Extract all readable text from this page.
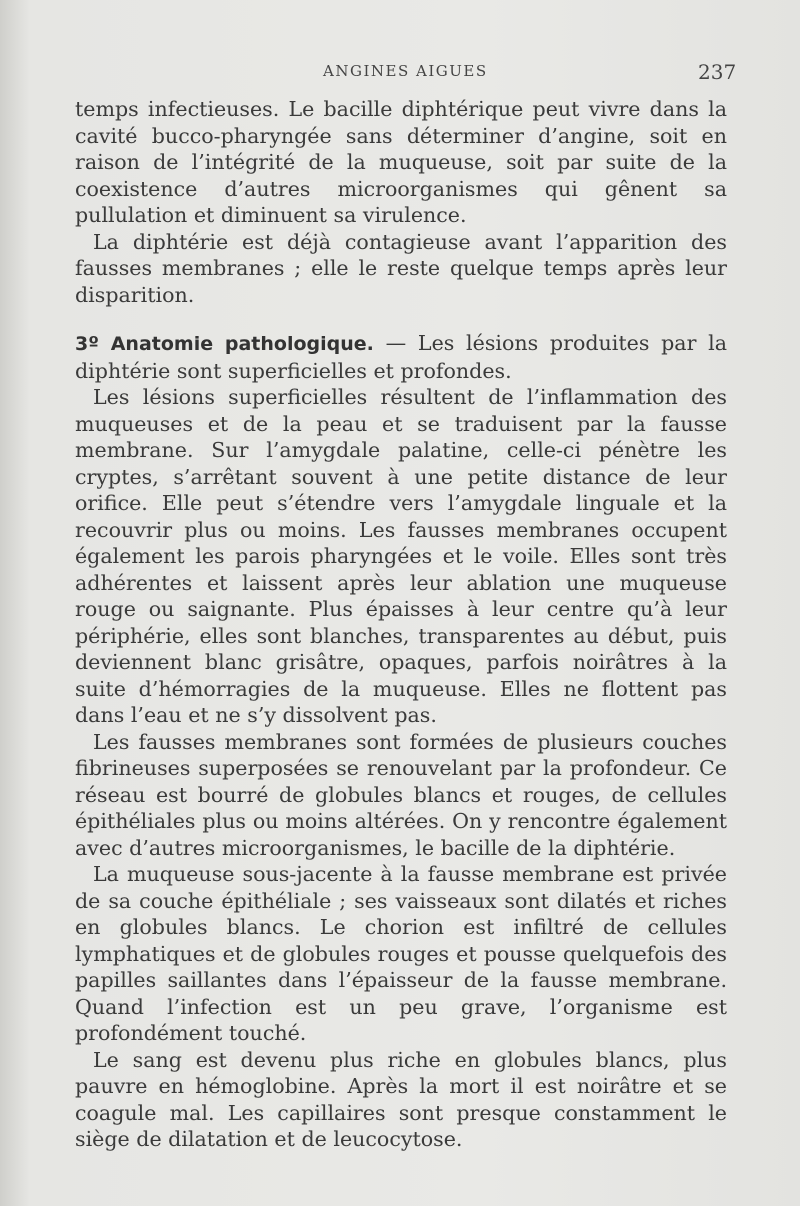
ANGINES AIGUES	237

temps infectieuses. Le bacille diphtérique peut vivre dans la cavité bucco-pharyngée sans déterminer d’angine, soit en raison de l’intégrité de la muqueuse, soit par suite de la coexistence d’autres microorganismes qui gênent sa pullulation et diminuent sa virulence.

La diphtérie est déjà contagieuse avant l’apparition des fausses membranes ; elle le reste quelque temps après leur disparition.

3º Anatomie pathologique. — Les lésions produites par la diphtérie sont superficielles et profondes.

Les lésions superficielles résultent de l’inflammation des muqueuses et de la peau et se traduisent par la fausse membrane. Sur l’amygdale palatine, celle-ci pénètre les cryptes, s’arrêtant souvent à une petite distance de leur orifice. Elle peut s’étendre vers l’amygdale linguale et la recouvrir plus ou moins. Les fausses membranes occupent également les parois pharyngées et le voile. Elles sont très adhérentes et laissent après leur ablation une muqueuse rouge ou saignante. Plus épaisses à leur centre qu’à leur périphérie, elles sont blanches, transparentes au début, puis deviennent blanc grisâtre, opaques, parfois noirâtres à la suite d’hémorragies de la muqueuse. Elles ne flottent pas dans l’eau et ne s’y dissolvent pas.

Les fausses membranes sont formées de plusieurs couches fibrineuses superposées se renouvelant par la profondeur. Ce réseau est bourré de globules blancs et rouges, de cellules épithéliales plus ou moins altérées. On y rencontre également avec d’autres microorganismes, le bacille de la diphtérie.

La muqueuse sous-jacente à la fausse membrane est privée de sa couche épithéliale ; ses vaisseaux sont dilatés et riches en globules blancs. Le chorion est infiltré de cellules lymphatiques et de globules rouges et pousse quelquefois des papilles saillantes dans l’épaisseur de la fausse membrane. Quand l’infection est un peu grave, l’organisme est profondément touché.

Le sang est devenu plus riche en globules blancs, plus pauvre en hémoglobine. Après la mort il est noirâtre et se coagule mal. Les capillaires sont presque constamment le siège de dilatation et de leucocytose.
